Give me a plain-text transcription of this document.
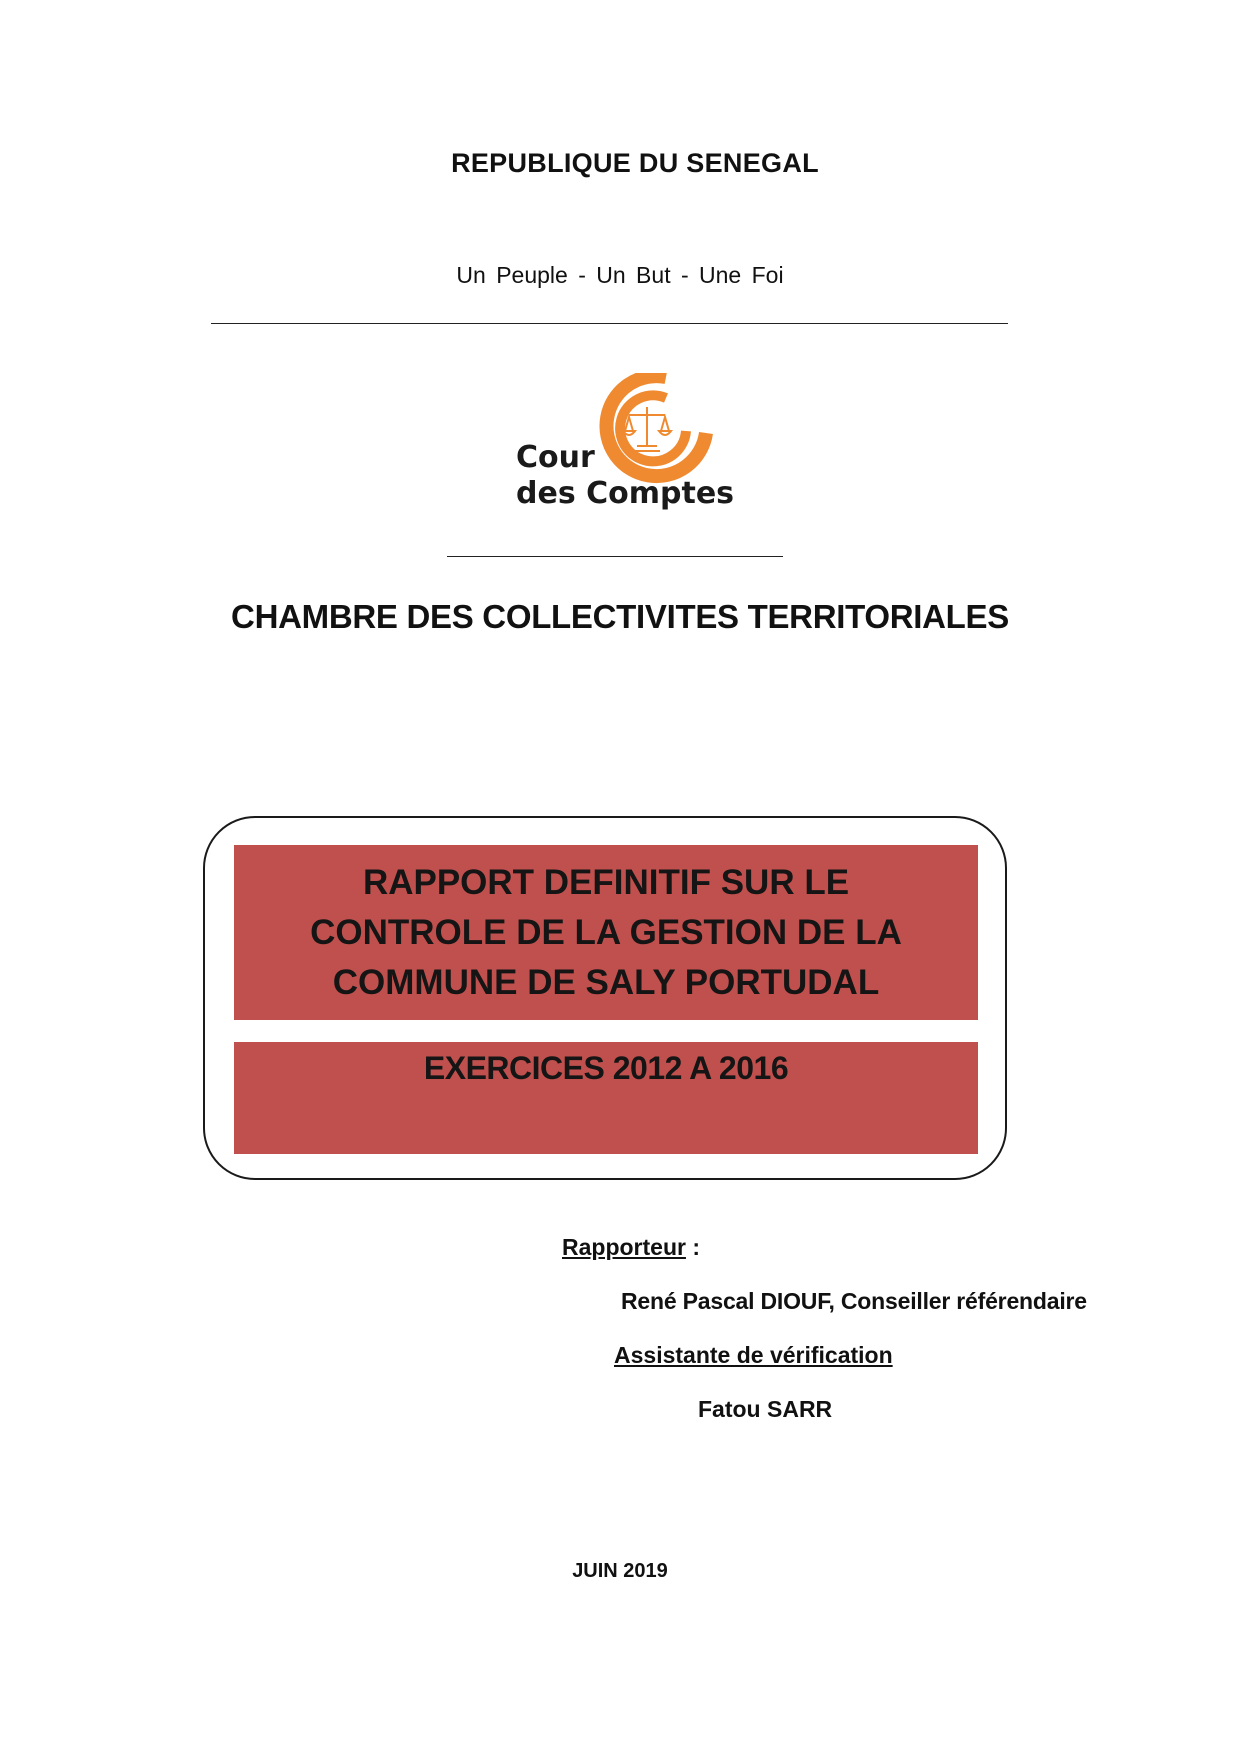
REPUBLIQUE DU SENEGAL
Un Peuple - Un But - Une Foi
Cour
des Comptes
CHAMBRE DES COLLECTIVITES TERRITORIALES
RAPPORT DEFINITIF SUR LE
CONTROLE DE LA GESTION DE LA
COMMUNE DE SALY PORTUDAL
EXERCICES 2012 A 2016
Rapporteur :
René Pascal DIOUF, Conseiller référendaire
Assistante de vérification
Fatou SARR
JUIN 2019
